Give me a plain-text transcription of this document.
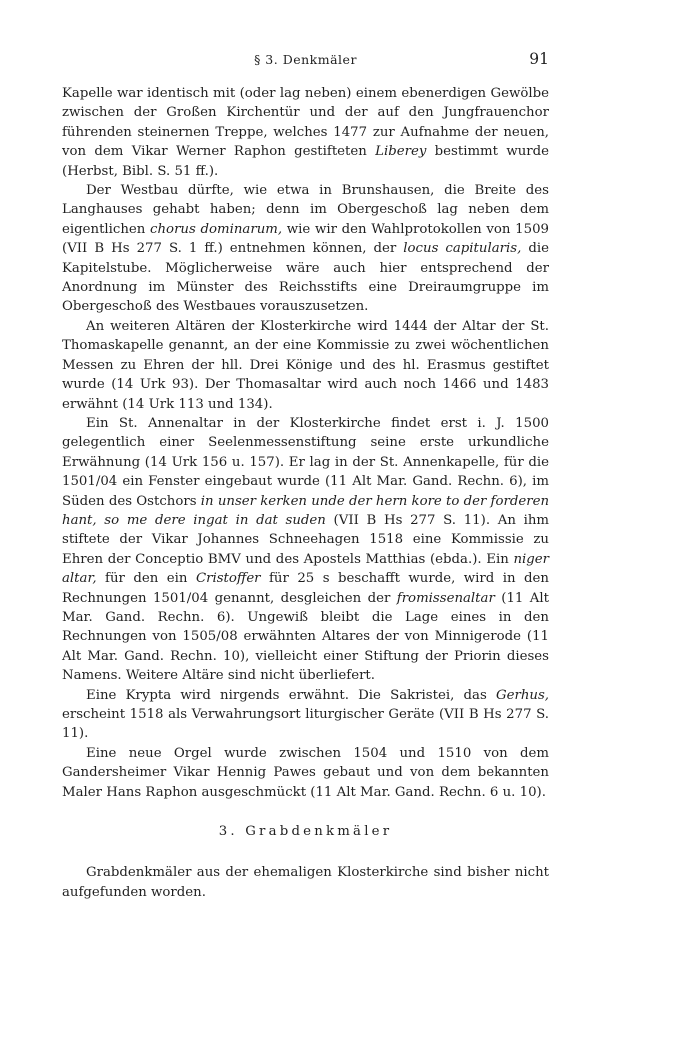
§ 3. Denkmäler	91

Kapelle war identisch mit (oder lag neben) einem ebenerdigen Gewölbe zwischen der Großen Kirchentür und der auf den Jungfrauenchor führenden steinernen Treppe, welches 1477 zur Aufnahme der neuen, von dem Vikar Werner Raphon gestifteten Liberey bestimmt wurde (Herbst, Bibl. S. 51 ff.).

Der Westbau dürfte, wie etwa in Brunshausen, die Breite des Langhauses gehabt haben; denn im Obergeschoß lag neben dem eigentlichen chorus dominarum, wie wir den Wahlprotokollen von 1509 (VII B Hs 277 S. 1 ff.) entnehmen können, der locus capitularis, die Kapitelstube. Möglicherweise wäre auch hier entsprechend der Anordnung im Münster des Reichsstifts eine Dreiraumgruppe im Obergeschoß des Westbaues vorauszusetzen.

An weiteren Altären der Klosterkirche wird 1444 der Altar der St. Thomaskapelle genannt, an der eine Kommissie zu zwei wöchentlichen Messen zu Ehren der hll. Drei Könige und des hl. Erasmus gestiftet wurde (14 Urk 93). Der Thomasaltar wird auch noch 1466 und 1483 erwähnt (14 Urk 113 und 134).

Ein St. Annenaltar in der Klosterkirche findet erst i. J. 1500 gelegentlich einer Seelenmessenstiftung seine erste urkundliche Erwähnung (14 Urk 156 u. 157). Er lag in der St. Annenkapelle, für die 1501/04 ein Fenster eingebaut wurde (11 Alt Mar. Gand. Rechn. 6), im Süden des Ostchors in unser kerken unde der hern kore to der forderen hant, so me dere ingat in dat suden (VII B Hs 277 S. 11). An ihm stiftete der Vikar Johannes Schneehagen 1518 eine Kommissie zu Ehren der Conceptio BMV und des Apostels Matthias (ebda.). Ein niger altar, für den ein Cristoffer für 25 s beschafft wurde, wird in den Rechnungen 1501/04 genannt, desgleichen der fromissenaltar (11 Alt Mar. Gand. Rechn. 6). Ungewiß bleibt die Lage eines in den Rechnungen von 1505/08 erwähnten Altares der von Minnigerode (11 Alt Mar. Gand. Rechn. 10), vielleicht einer Stiftung der Priorin dieses Namens. Weitere Altäre sind nicht überliefert.

Eine Krypta wird nirgends erwähnt. Die Sakristei, das Gerhus, erscheint 1518 als Verwahrungsort liturgischer Geräte (VII B Hs 277 S. 11).

Eine neue Orgel wurde zwischen 1504 und 1510 von dem Gandersheimer Vikar Hennig Pawes gebaut und von dem bekannten Maler Hans Raphon ausgeschmückt (11 Alt Mar. Gand. Rechn. 6 u. 10).

3. Grabdenkmäler

Grabdenkmäler aus der ehemaligen Klosterkirche sind bisher nicht aufgefunden worden.
